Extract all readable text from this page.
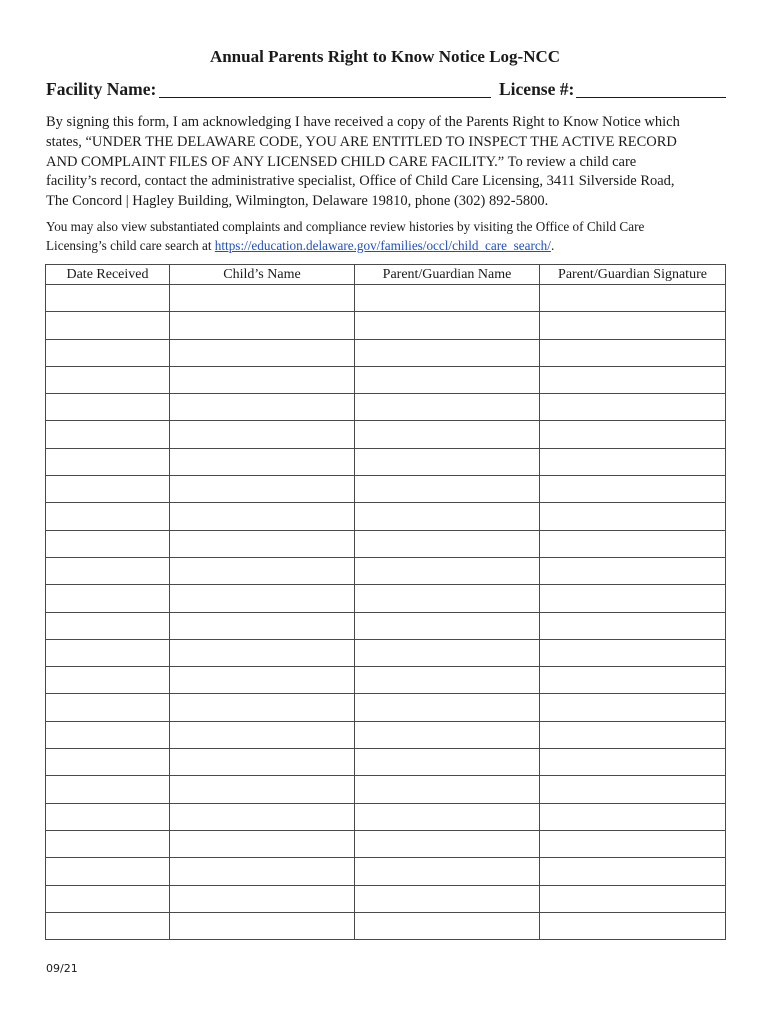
Annual Parents Right to Know Notice Log-NCC
Facility Name:	License #:
By signing this form, I am acknowledging I have received a copy of the Parents Right to Know Notice which
states, “UNDER THE DELAWARE CODE, YOU ARE ENTITLED TO INSPECT THE ACTIVE RECORD
AND COMPLAINT FILES OF ANY LICENSED CHILD CARE FACILITY.” To review a child care
facility’s record, contact the administrative specialist, Office of Child Care Licensing, 3411 Silverside Road,
The Concord | Hagley Building, Wilmington, Delaware 19810, phone (302) 892-5800.
You may also view substantiated complaints and compliance review histories by visiting the Office of Child Care
Licensing’s child care search at https://education.delaware.gov/families/occl/child_care_search/.
Date Received	Child’s Name	Parent/Guardian Name	Parent/Guardian Signature

09/21
